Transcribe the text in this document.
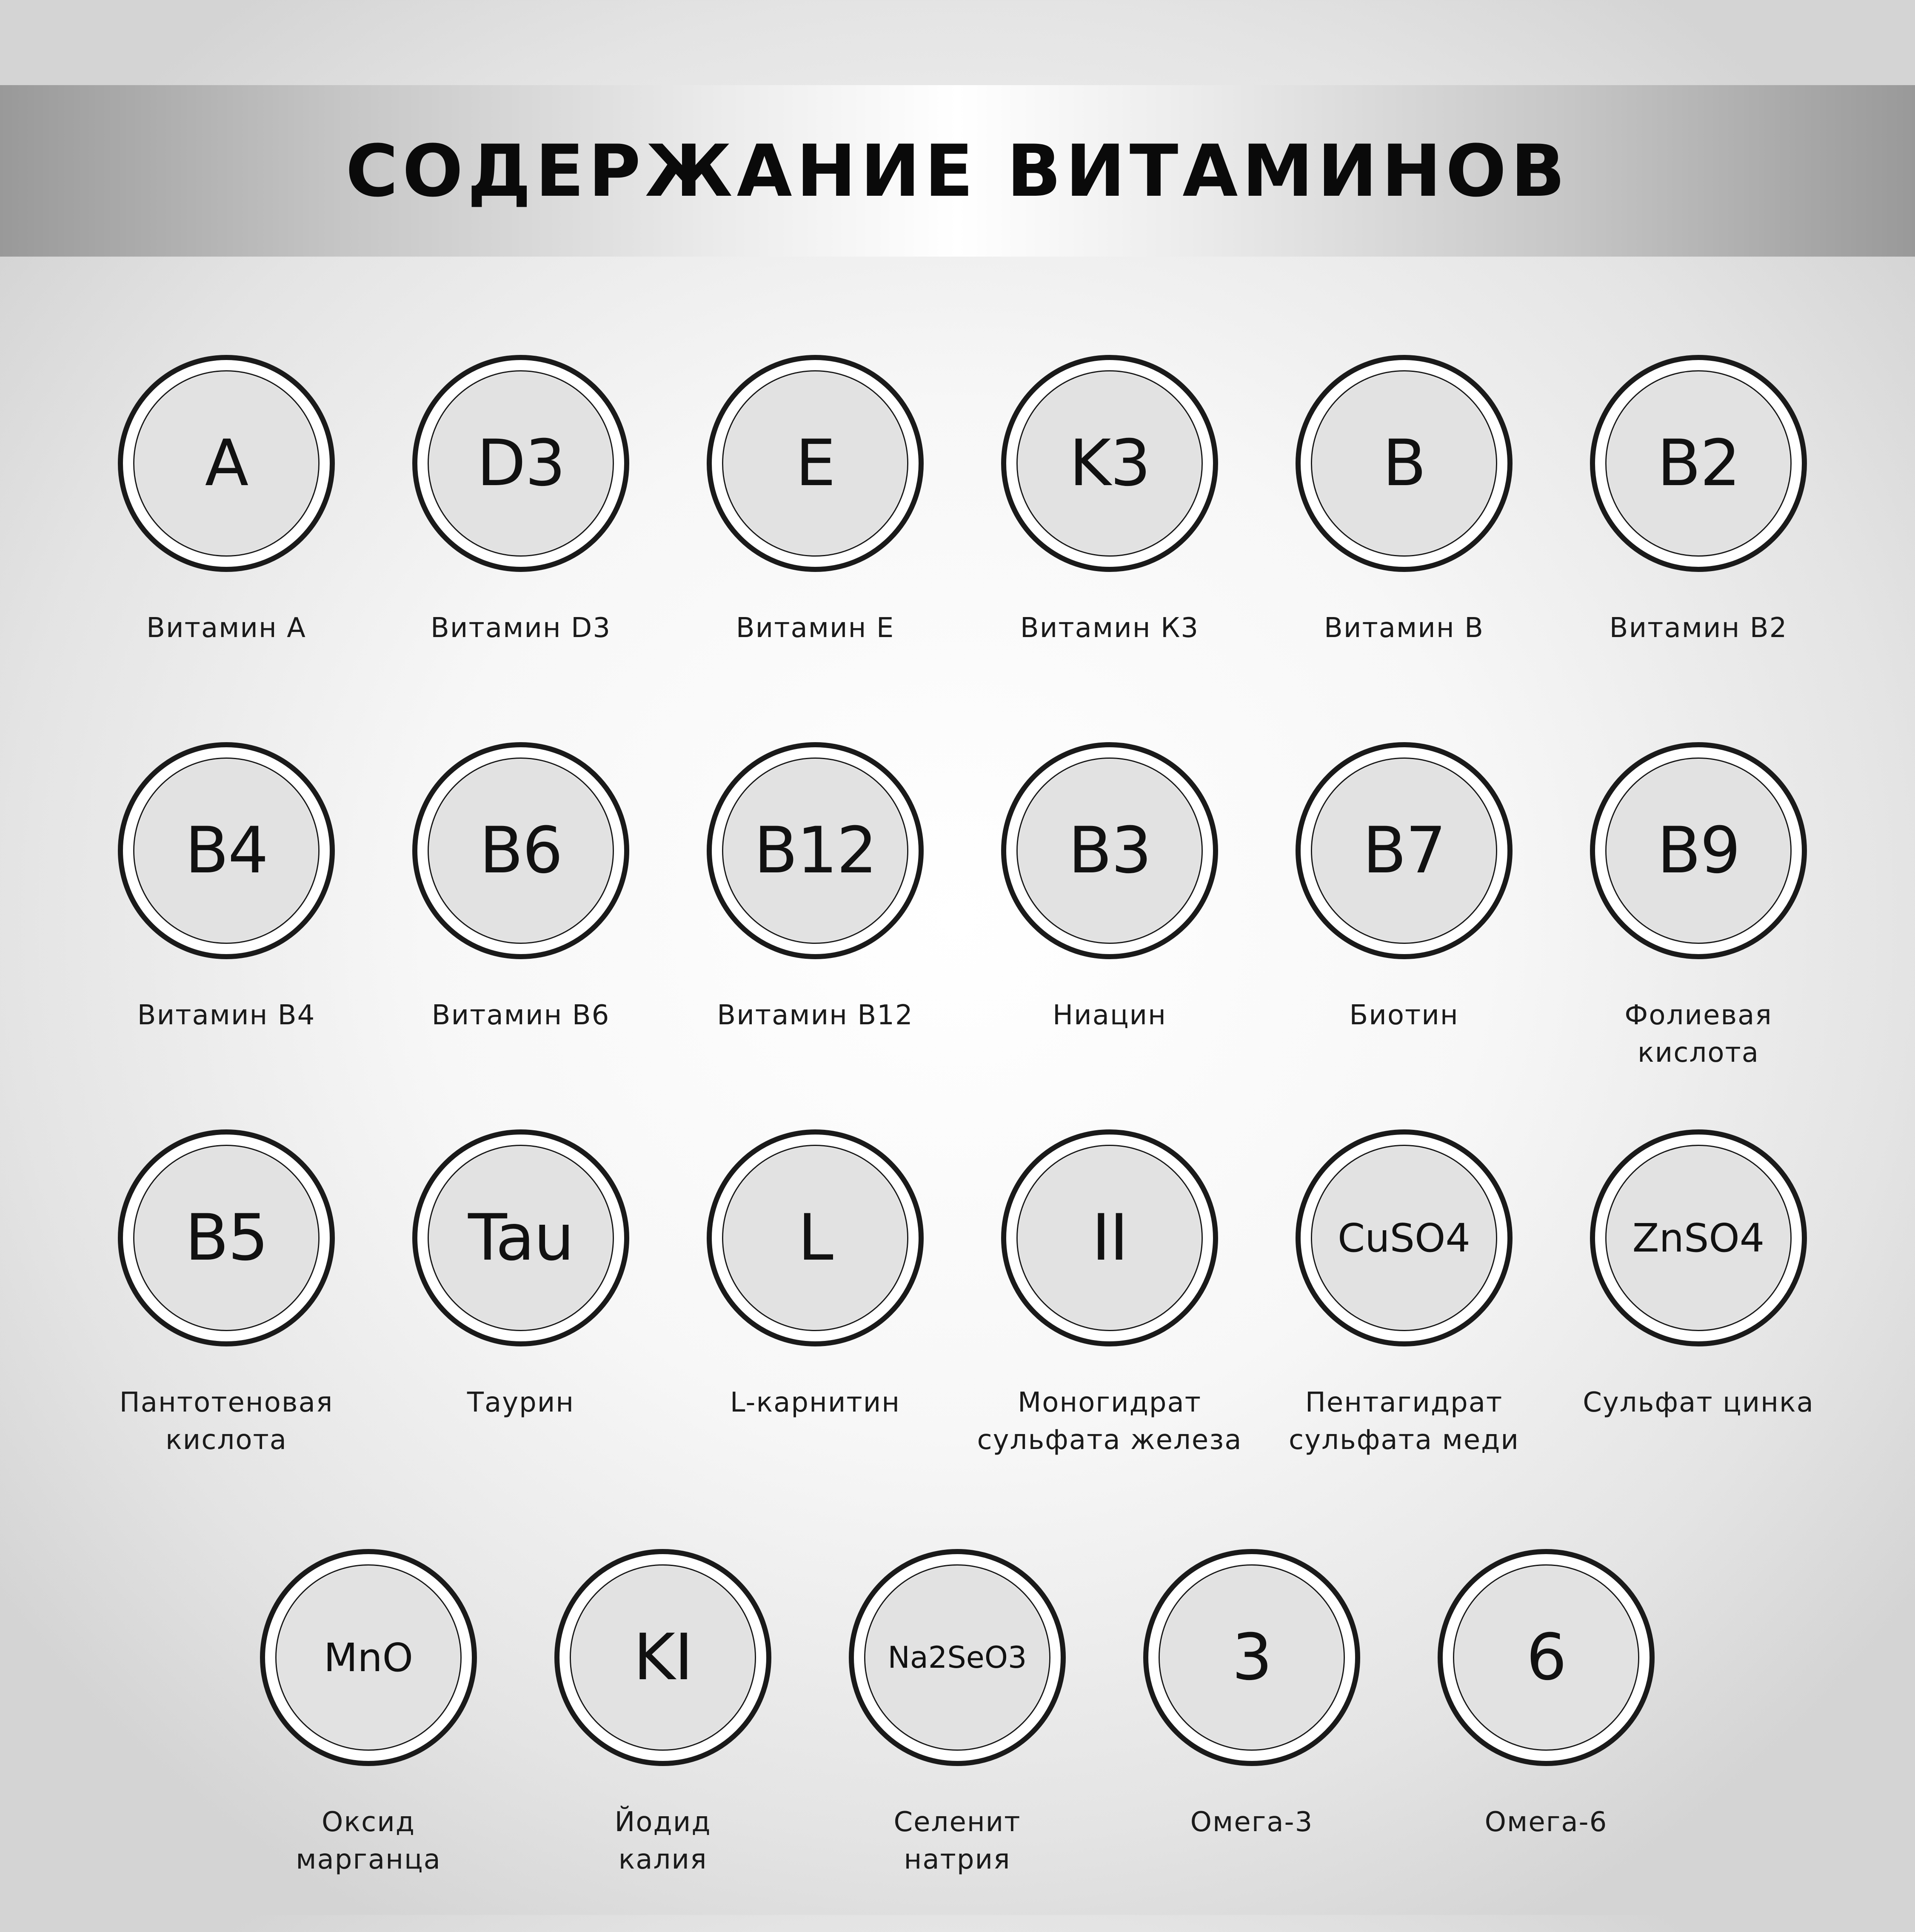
СОДЕРЖАНИЕ ВИТАМИНОВ
A
Витамин А
D3
Витамин D3
E
Витамин Е
K3
Витамин К3
B
Витамин В
B2
Витамин В2
B4
Витамин В4
B6
Витамин В6
B12
Витамин В12
B3
Ниацин
B7
Биотин
B9
Фолиевая
кислота
B5
Пантотеновая
кислота
Tau
Таурин
L
L-карнитин
II
Моногидрат
сульфата железа
CuSO4
Пентагидрат
сульфата меди
ZnSO4
Сульфат цинка
MnO
Оксид
марганца
KI
Йодид
калия
Na2SeO3
Селенит
натрия
3
Омега-3
6
Омега-6
